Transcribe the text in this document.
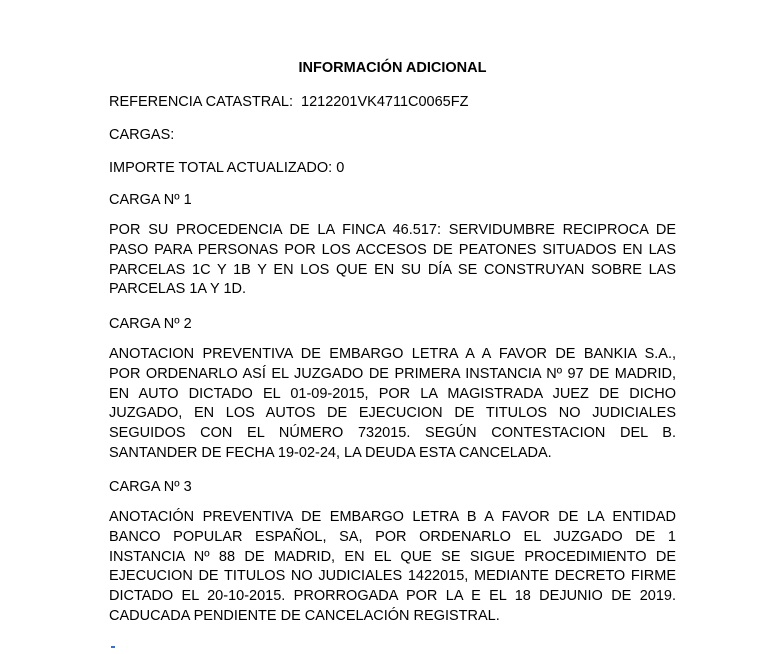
INFORMACIÓN ADICIONAL

REFERENCIA CATASTRAL: 1212201VK4711C0065FZ

CARGAS:

IMPORTE TOTAL ACTUALIZADO: 0

CARGA Nº 1

POR SU PROCEDENCIA DE LA FINCA 46.517: SERVIDUMBRE RECIPROCA DE
PASO PARA PERSONAS POR LOS ACCESOS DE PEATONES SITUADOS EN LAS
PARCELAS 1C Y 1B Y EN LOS QUE EN SU DÍA SE CONSTRUYAN SOBRE LAS
PARCELAS 1A Y 1D.

CARGA Nº 2

ANOTACION PREVENTIVA DE EMBARGO LETRA A A FAVOR DE BANKIA S.A.,
POR ORDENARLO ASÍ EL JUZGADO DE PRIMERA INSTANCIA Nº 97 DE MADRID,
EN AUTO DICTADO EL 01-09-2015, POR LA MAGISTRADA JUEZ DE DICHO
JUZGADO, EN LOS AUTOS DE EJECUCION DE TITULOS NO JUDICIALES
SEGUIDOS CON EL NÚMERO 732015. SEGÚN CONTESTACION DEL B.
SANTANDER DE FECHA 19-02-24, LA DEUDA ESTA CANCELADA.

CARGA Nº 3

ANOTACIÓN PREVENTIVA DE EMBARGO LETRA B A FAVOR DE LA ENTIDAD
BANCO POPULAR ESPAÑOL, SA, POR ORDENARLO EL JUZGADO DE 1
INSTANCIA Nº 88 DE MADRID, EN EL QUE SE SIGUE PROCEDIMIENTO DE
EJECUCION DE TITULOS NO JUDICIALES 1422015, MEDIANTE DECRETO FIRME
DICTADO EL 20-10-2015. PRORROGADA POR LA E EL 18 DEJUNIO DE 2019.
CADUCADA PENDIENTE DE CANCELACIÓN REGISTRAL.
